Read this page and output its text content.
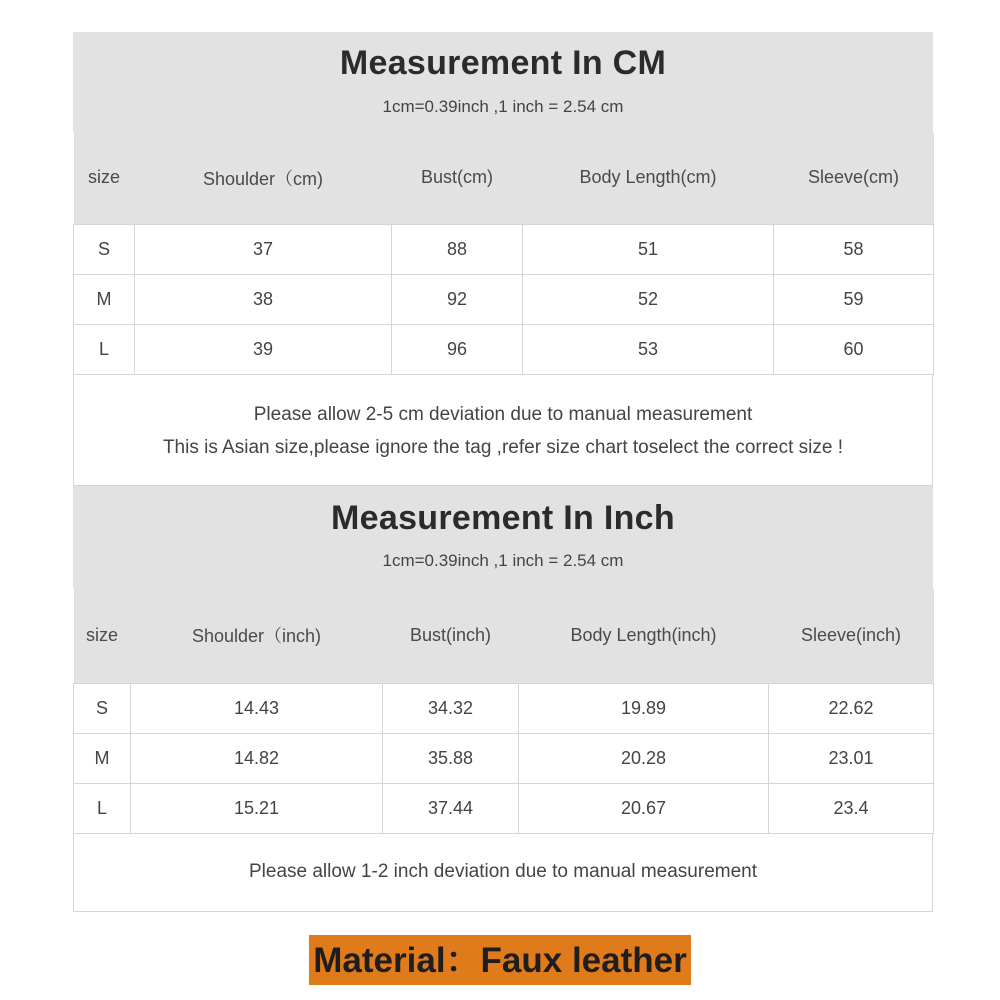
Measurement In CM
1cm=0.39inch ,1 inch = 2.54 cm
size	Shoulder（cm)	Bust(cm)	Body Length(cm)	Sleeve(cm)
S	37	88	51	58
M	38	92	52	59
L	39	96	53	60
Please allow 2-5 cm deviation due to manual measurement
This is Asian size,please ignore the tag ,refer size chart toselect the correct size !
Measurement In Inch
1cm=0.39inch ,1 inch = 2.54 cm
size	Shoulder（inch)	Bust(inch)	Body Length(inch)	Sleeve(inch)
S	14.43	34.32	19.89	22.62
M	14.82	35.88	20.28	23.01
L	15.21	37.44	20.67	23.4
Please allow 1-2 inch deviation due to manual measurement
Material：Faux leather
